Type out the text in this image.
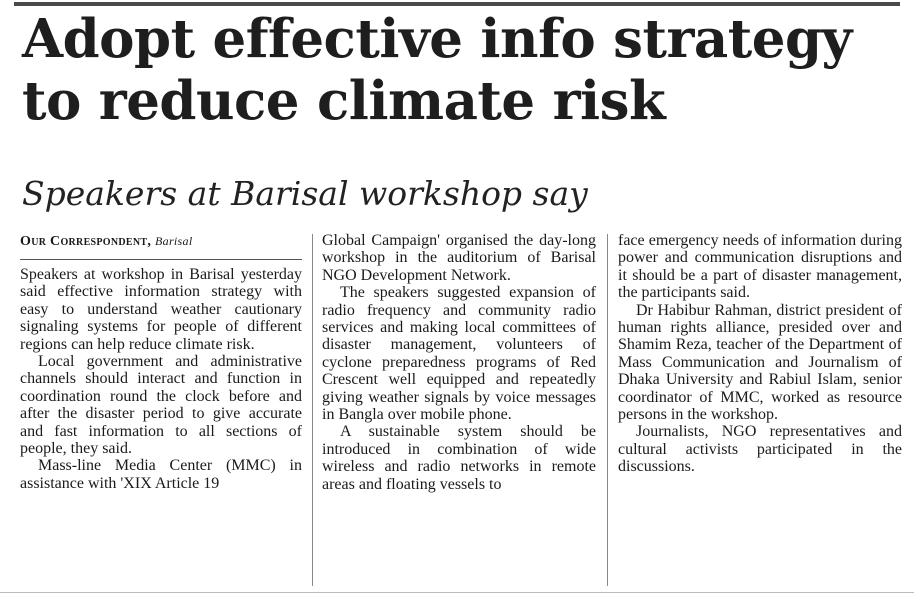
Adopt effective info strategy
to reduce climate risk
Speakers at Barisal workshop say
Our Correspondent, Barisal

Speakers at workshop in Barisal yesterday said effective information strategy with easy to understand weather cautionary signaling systems for people of different regions can help reduce climate risk.

Local government and administrative channels should interact and function in coordination round the clock before and after the disaster period to give accurate and fast information to all sections of people, they said.

Mass-line Media Center (MMC) in assistance with 'XIX Article 19

Global Campaign' organised the day-long workshop in the auditorium of Barisal NGO Development Network.

The speakers suggested expansion of radio frequency and community radio services and making local committees of disaster management, volunteers of cyclone preparedness programs of Red Crescent well equipped and repeatedly giving weather signals by voice messages in Bangla over mobile phone.

A sustainable system should be introduced in combination of wide wireless and radio networks in remote areas and floating vessels to

face emergency needs of information during power and communication disruptions and it should be a part of disaster management, the participants said.

Dr Habibur Rahman, district president of human rights alliance, presided over and Shamim Reza, teacher of the Department of Mass Communication and Journalism of Dhaka University and Rabiul Islam, senior coordinator of MMC, worked as resource persons in the workshop.

Journalists, NGO representatives and cultural activists participated in the discussions.
